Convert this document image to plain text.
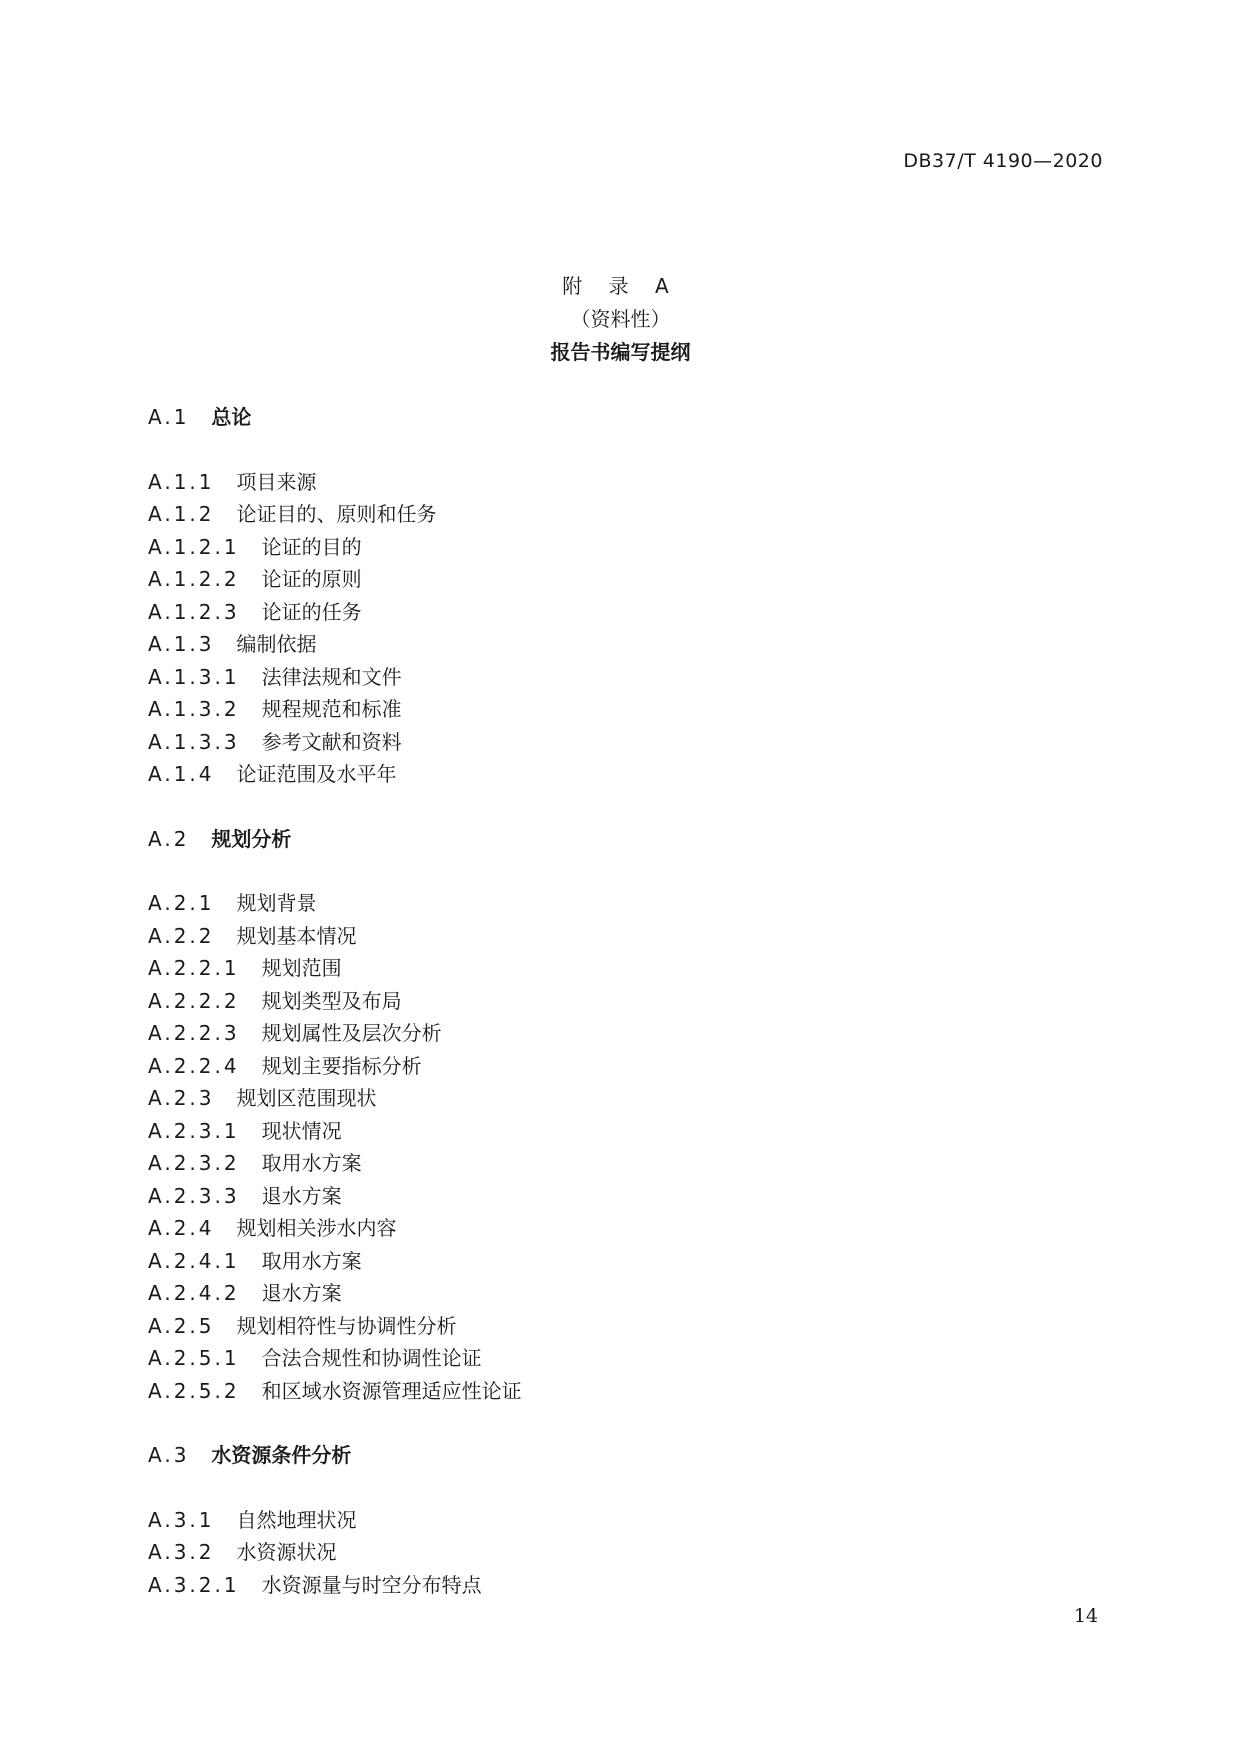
DB37/T 4190—2020
附 录 A
（资料性）
报告书编写提纲
A.1 总论
A.1.1 项目来源
A.1.2 论证目的、原则和任务
A.1.2.1 论证的目的
A.1.2.2 论证的原则
A.1.2.3 论证的任务
A.1.3 编制依据
A.1.3.1 法律法规和文件
A.1.3.2 规程规范和标准
A.1.3.3 参考文献和资料
A.1.4 论证范围及水平年
A.2 规划分析
A.2.1 规划背景
A.2.2 规划基本情况
A.2.2.1 规划范围
A.2.2.2 规划类型及布局
A.2.2.3 规划属性及层次分析
A.2.2.4 规划主要指标分析
A.2.3 规划区范围现状
A.2.3.1 现状情况
A.2.3.2 取用水方案
A.2.3.3 退水方案
A.2.4 规划相关涉水内容
A.2.4.1 取用水方案
A.2.4.2 退水方案
A.2.5 规划相符性与协调性分析
A.2.5.1 合法合规性和协调性论证
A.2.5.2 和区域水资源管理适应性论证
A.3 水资源条件分析
A.3.1 自然地理状况
A.3.2 水资源状况
A.3.2.1 水资源量与时空分布特点
14
